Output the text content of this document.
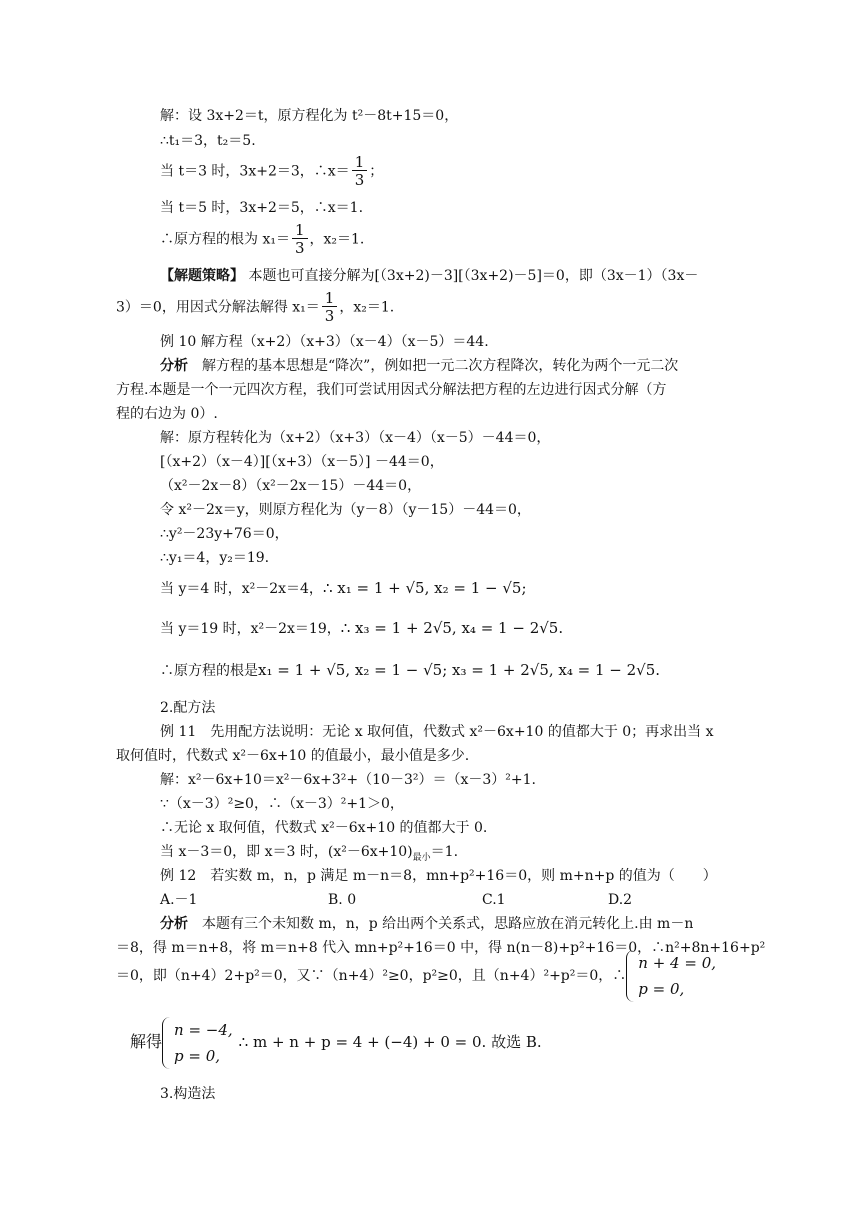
解：设 3x+2＝t，原方程化为 t²－8t+15＝0，
∴t₁＝3，t₂＝5.
当 t＝3 时，3x+2＝3，∴x＝ $\frac{1}{3}$ ；
当 t＝5 时，3x+2＝5，∴x＝1.
∴原方程的根为 $x_1= \frac{1}{3}$ ，x₂＝1.
【解题策略】 本题也可直接分解为[（3x+2)－3][（3x+2)－5]＝0，即（3x－1）（3x－
3）＝0，用因式分解法解得 $x_1= \frac{1}{3}$ ，x₂＝1.
例 10 解方程（x+2）（x+3）（x－4）（x－5）＝44.
分析　解方程的基本思想是“降次”，例如把一元二次方程降次，转化为两个一元二次
方程.本题是一个一元四次方程，我们可尝试用因式分解法把方程的左边进行因式分解（方
程的右边为 0）.
解：原方程转化为（x+2）（x+3）（x－4）（x－5）－44＝0，
[（x+2）（x－4）][（x+3）（x－5）] －44＝0，
（x²－2x－8）（x²－2x－15）－44＝0，
令 x²－2x＝y，则原方程化为（y－8）（y－15）－44＝0，
∴y²－23y+76＝0，
∴y₁＝4，y₂＝19.
当 y＝4 时，x²－2x＝4，∴ x₁ = 1 + √5, x₂ = 1 − √5;
当 y＝19 时，x²－2x＝19，∴ x₃ = 1 + 2√5, x₄ = 1 − 2√5.
∴原方程的根是x₁ = 1 + √5, x₂ = 1 − √5; x₃ = 1 + 2√5, x₄ = 1 − 2√5.
2.配方法
例 11　先用配方法说明：无论 x 取何值，代数式 x²－6x+10 的值都大于 0；再求出当 x
取何值时，代数式 x²－6x+10 的值最小，最小值是多少.
解：x²－6x+10＝x²－6x+3²+（10－3²）＝（x－3）²+1.
∵（x－3）²≥0，∴（x－3）²+1＞0，
∴无论 x 取何值，代数式 x²－6x+10 的值都大于 0.
当 x－3＝0，即 x＝3 时，$(x^2-6x+10)_{最小}=1$.
例 12　若实数 m，n，p 满足 m－n＝8，mn+p²+16＝0，则 m+n+p 的值为（　　）
A.－1	B. 0	C.1	D.2
分析　本题有三个未知数 m，n，p 给出两个关系式，思路应放在消元转化上.由 m－n
＝8，得 m＝n+8，将 m＝n+8 代入 mn+p²+16＝0 中，得 n(n－8)+p²+16＝0，∴n²+8n+16+p²
＝0，即（n+4）2+p²＝0，又∵（n+4）²≥0，p²≥0，且（n+4）²+p²＝0，∴
n + 4 = 0,
p = 0,
解得
n = −4,
p = 0,
∴ m + n + p = 4 + (−4) + 0 = 0. 故选 B.
3.构造法
